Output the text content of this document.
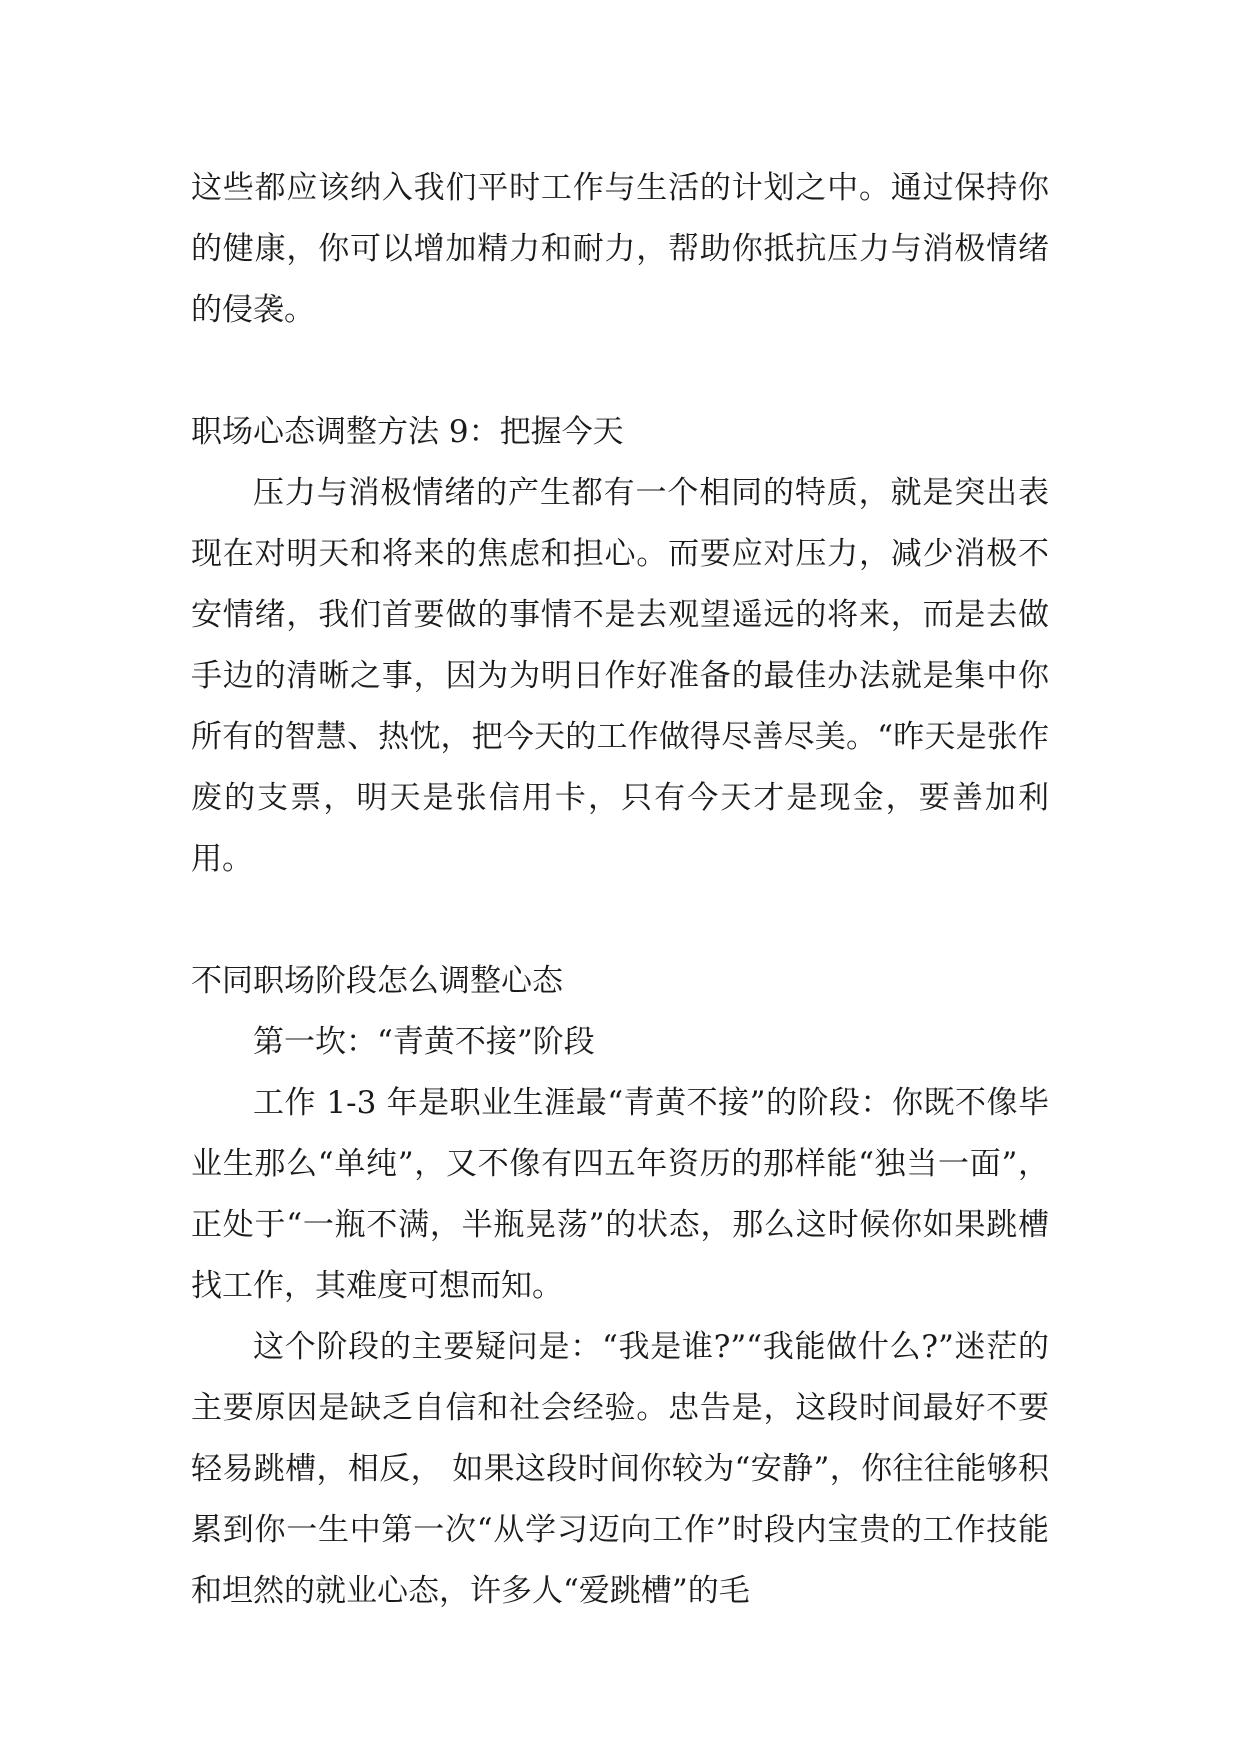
这些都应该纳入我们平时工作与生活的计划之中。通过保持你的健康，你可以增加精力和耐力，帮助你抵抗压力与消极情绪的侵袭。

职场心态调整方法 9：把握今天

压力与消极情绪的产生都有一个相同的特质，就是突出表现在对明天和将来的焦虑和担心。而要应对压力，减少消极不安情绪，我们首要做的事情不是去观望遥远的将来，而是去做手边的清晰之事，因为为明日作好准备的最佳办法就是集中你所有的智慧、热忱，把今天的工作做得尽善尽美。“昨天是张作废的支票，明天是张信用卡，只有今天才是现金，要善加利用。

不同职场阶段怎么调整心态

第一坎：“青黄不接”阶段

工作 1-3 年是职业生涯最“青黄不接”的阶段：你既不像毕业生那么“单纯”，又不像有四五年资历的那样能“独当一面”，正处于“一瓶不满，半瓶晃荡”的状态，那么这时候你如果跳槽找工作，其难度可想而知。

这个阶段的主要疑问是：“我是谁?”“我能做什么?”迷茫的主要原因是缺乏自信和社会经验。忠告是，这段时间最好不要轻易跳槽，相反， 如果这段时间你较为“安静”，你往往能够积累到你一生中第一次“从学习迈向工作”时段内宝贵的工作技能和坦然的就业心态，许多人“爱跳槽”的毛
